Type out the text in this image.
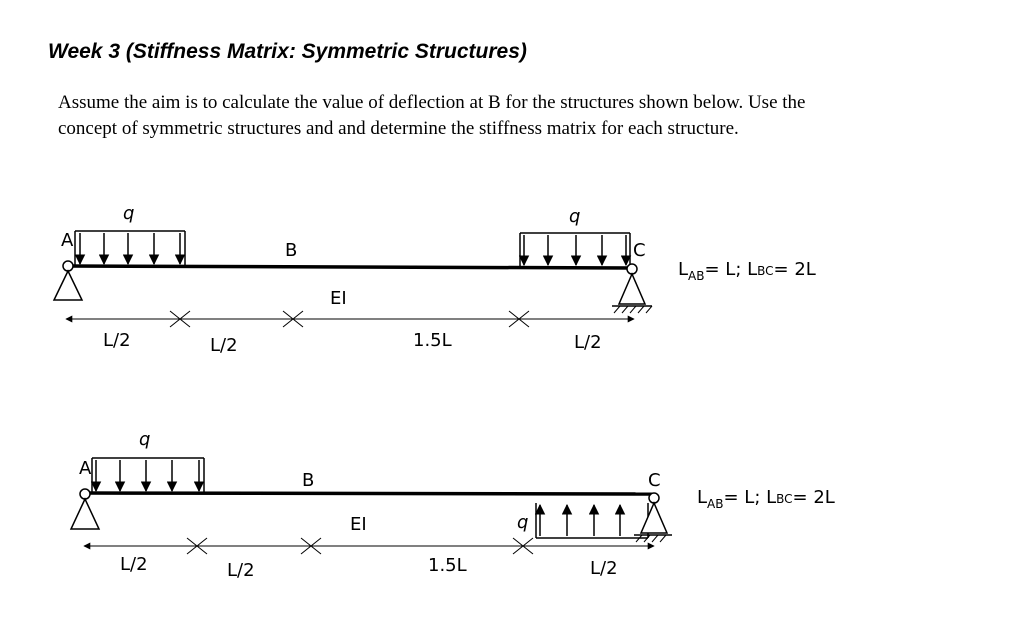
Week 3 (Stiffness Matrix: Symmetric Structures)
Assume the aim is to calculate the value of deflection at B for the structures shown below. Use the
concept of symmetric structures and and determine the stiffness matrix for each structure.
q	q
A	B	C
EI
L/2	L/2	1.5L	L/2
$L_{AB}= L$; LBC= 2L
q
q
A
B	C
EI
L/2	L/2	1.5L	L/2
$L_{AB}= L$; LBC= 2L
